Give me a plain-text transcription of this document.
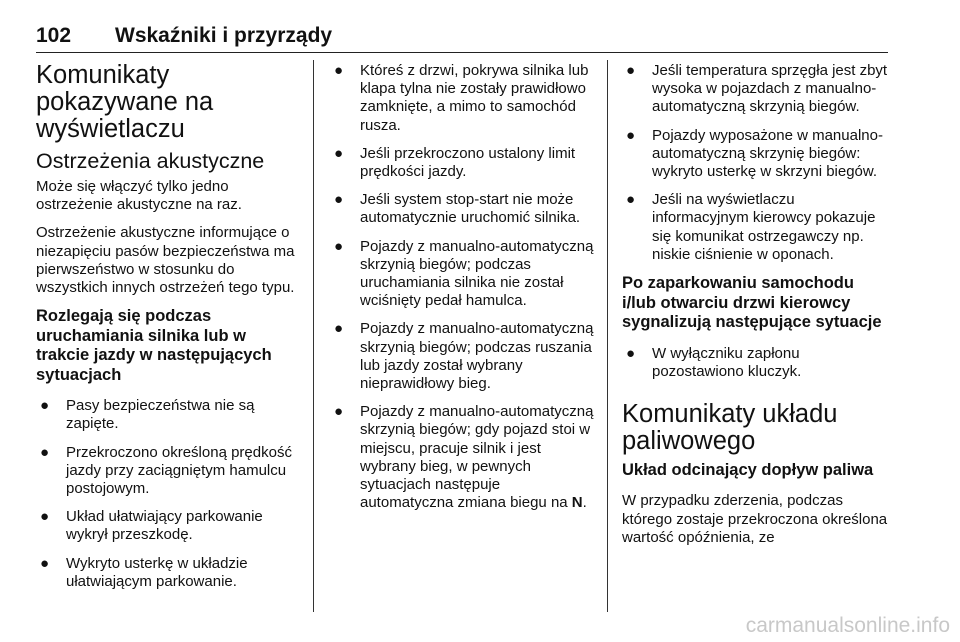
102 Wskaźniki i przyrządy
Komunikaty pokazywane na wyświetlaczu
Ostrzeżenia akustyczne

Może się włączyć tylko jedno ostrzeżenie akustyczne na raz.

Ostrzeżenie akustyczne informujące o niezapięciu pasów bezpieczeństwa ma pierwszeństwo w stosunku do wszystkich innych ostrzeżeń tego typu.

Rozlegają się podczas uruchamiania silnika lub w trakcie jazdy w następujących sytuacjach
● Pasy bezpieczeństwa nie są zapięte.
● Przekroczono określoną prędkość jazdy przy zaciągniętym hamulcu postojowym.
● Układ ułatwiający parkowanie wykrył przeszkodę.
● Wykryto usterkę w układzie ułatwiającym parkowanie.
● Któreś z drzwi, pokrywa silnika lub klapa tylna nie zostały prawidłowo zamknięte, a mimo to samochód rusza.
● Jeśli przekroczono ustalony limit prędkości jazdy.
● Jeśli system stop-start nie może automatycznie uruchomić silnika.
● Pojazdy z manualno-automatyczną skrzynią biegów; podczas uruchamiania silnika nie został wciśnięty pedał hamulca.
● Pojazdy z manualno-automatyczną skrzynią biegów; podczas ruszania lub jazdy został wybrany nieprawidłowy bieg.
● Pojazdy z manualno-automatyczną skrzynią biegów; gdy pojazd stoi w miejscu, pracuje silnik i jest wybrany bieg, w pewnych sytuacjach następuje automatyczna zmiana biegu na N.
● Jeśli temperatura sprzęgła jest zbyt wysoka w pojazdach z manualno-automatyczną skrzynią biegów.
● Pojazdy wyposażone w manualno-automatyczną skrzynię biegów: wykryto usterkę w skrzyni biegów.
● Jeśli na wyświetlaczu informacyjnym kierowcy pokazuje się komunikat ostrzegawczy np. niskie ciśnienie w oponach.
Po zaparkowaniu samochodu i/lub otwarciu drzwi kierowcy sygnalizują następujące sytuacje
● W wyłączniku zapłonu pozostawiono kluczyk.
Komunikaty układu paliwowego
Układ odcinający dopływ paliwa

W przypadku zderzenia, podczas którego zostaje przekroczona określona wartość opóźnienia, ze

carmanualsonline.info
